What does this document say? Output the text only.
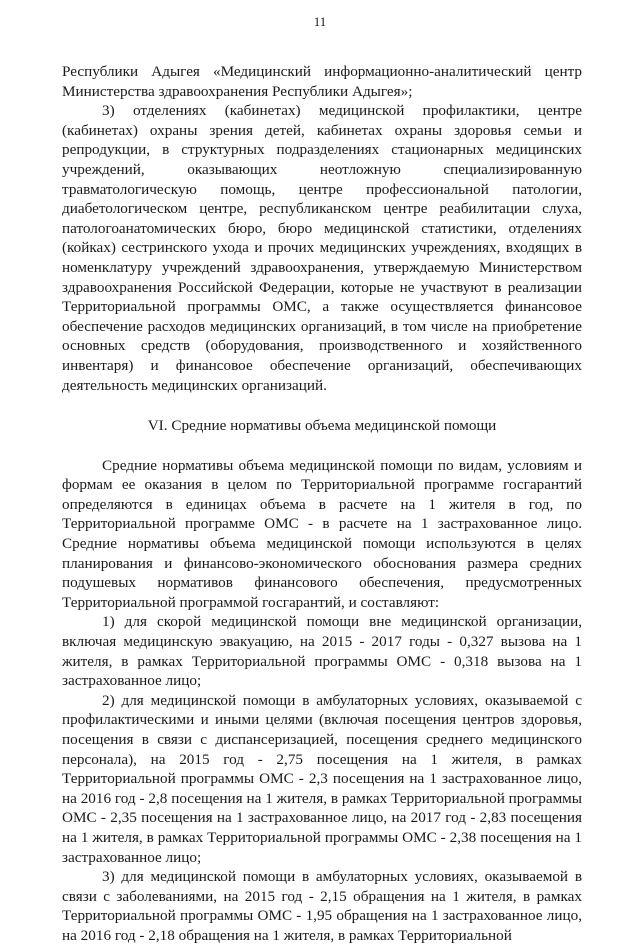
11

Республики Адыгея «Медицинский информационно-аналитический центр Министерства здравоохранения Республики Адыгея»;

3) отделениях (кабинетах) медицинской профилактики, центре (кабинетах) охраны зрения детей, кабинетах охраны здоровья семьи и репродукции, в структурных подразделениях стационарных медицинских учреждений, оказывающих неотложную специализированную травматологическую помощь, центре профессиональной патологии, диабетологическом центре, республиканском центре реабилитации слуха, патологоанатомических бюро, бюро медицинской статистики, отделениях (койках) сестринского ухода и прочих медицинских учреждениях, входящих в номенклатуру учреждений здравоохранения, утверждаемую Министерством здравоохранения Российской Федерации, которые не участвуют в реализации Территориальной программы ОМС, а также осуществляется финансовое обеспечение расходов медицинских организаций, в том числе на приобретение основных средств (оборудования, производственного и хозяйственного инвентаря) и финансовое обеспечение организаций, обеспечивающих деятельность медицинских организаций.

VI. Средние нормативы объема медицинской помощи

Средние нормативы объема медицинской помощи по видам, условиям и формам ее оказания в целом по Территориальной программе госгарантий определяются в единицах объема в расчете на 1 жителя в год, по Территориальной программе ОМС - в расчете на 1 застрахованное лицо. Средние нормативы объема медицинской помощи используются в целях планирования и финансово-экономического обоснования размера средних подушевых нормативов финансового обеспечения, предусмотренных Территориальной программой госгарантий, и составляют:

1) для скорой медицинской помощи вне медицинской организации, включая медицинскую эвакуацию, на 2015 - 2017 годы - 0,327 вызова на 1 жителя, в рамках Территориальной программы ОМС - 0,318 вызова на 1 застрахованное лицо;

2) для медицинской помощи в амбулаторных условиях, оказываемой с профилактическими и иными целями (включая посещения центров здоровья, посещения в связи с диспансеризацией, посещения среднего медицинского персонала), на 2015 год - 2,75 посещения на 1 жителя, в рамках Территориальной программы ОМС - 2,3 посещения на 1 застрахованное лицо, на 2016 год - 2,8 посещения на 1 жителя, в рамках Территориальной программы ОМС - 2,35 посещения на 1 застрахованное лицо, на 2017 год - 2,83 посещения на 1 жителя, в рамках Территориальной программы ОМС - 2,38 посещения на 1 застрахованное лицо;

3) для медицинской помощи в амбулаторных условиях, оказываемой в связи с заболеваниями, на 2015 год - 2,15 обращения на 1 жителя, в рамках Территориальной программы ОМС - 1,95 обращения на 1 застрахованное лицо, на 2016 год - 2,18 обращения на 1 жителя, в рамках Территориальной
